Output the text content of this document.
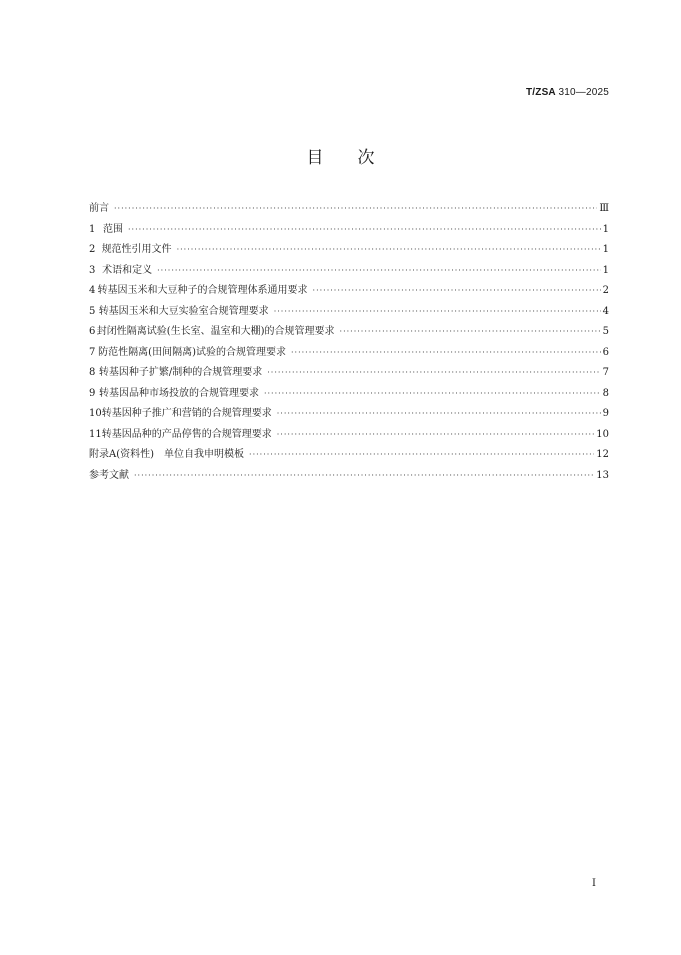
T/ZSA 310—2025
目次
前言 ·····	Ⅲ
1 范围 ·····	1
2 规范性引用文件 ·····	1
3 术语和定义 ·····	1
4 转基因玉米和大豆种子的合规管理体系通用要求 ·····	2
5 转基因玉米和大豆实验室合规管理要求 ·····	4
6 封闭性隔离试验(生长室、温室和大棚)的合规管理要求 ·····	5
7 防范性隔离(田间隔离)试验的合规管理要求 ·····	6
8 转基因种子扩繁/制种的合规管理要求 ·····	7
9 转基因品种市场投放的合规管理要求 ·····	8
10 转基因种子推广和营销的合规管理要求 ·····	9
11 转基因品种的产品停售的合规管理要求 ·····	10
附录A(资料性)　单位自我申明模板 ·····	12
参考文献 ·····	13
Ⅰ
